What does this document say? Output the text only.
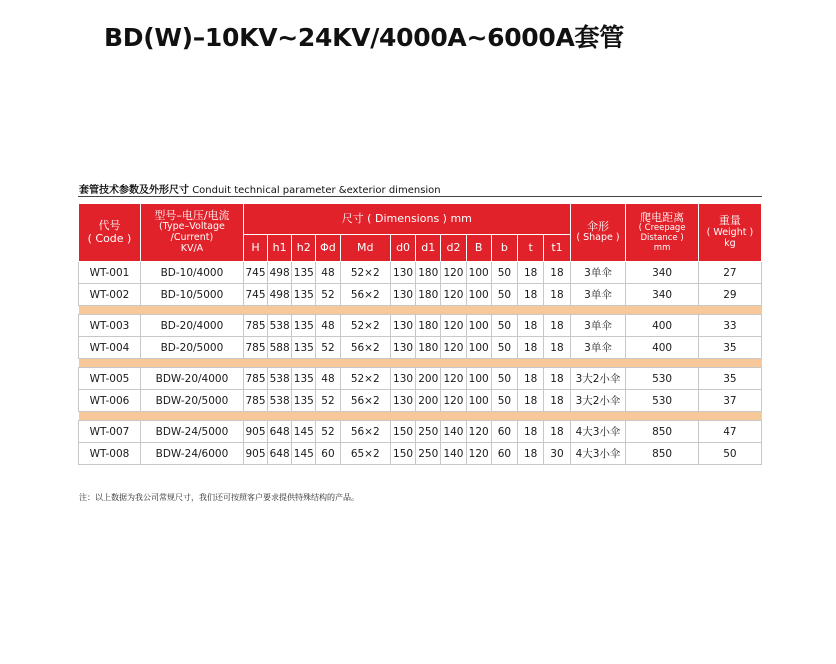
BD(W)–10KV~24KV/4000A~6000A套管
套管技术参数及外形尺寸 Conduit technical parameter &exterior dimension
代号
( Code )	型号–电压/电流
(Type–Voltage
/Current)
KV/A	尺寸 ( Dimensions ) mm												伞形
( Shape )	爬电距离
( Creepage
Distance )
mm	重量
( Weight )
kg

		H	h1	h2	Φd	Md	d0	d1	d2	B	b	t	t1			
WT-001	BD-10/4000	745	498	135	48	52×2	130	180	120	100	50	18	18	3单伞	340	27
WT-002	BD-10/5000	745	498	135	52	56×2	130	180	120	100	50	18	18	3单伞	340	29

WT-003	BD-20/4000	785	538	135	48	52×2	130	180	120	100	50	18	18	3单伞	400	33
WT-004	BD-20/5000	785	588	135	52	56×2	130	180	120	100	50	18	18	3单伞	400	35

WT-005	BDW-20/4000	785	538	135	48	52×2	130	200	120	100	50	18	18	3大2小伞	530	35
WT-006	BDW-20/5000	785	538	135	52	56×2	130	200	120	100	50	18	18	3大2小伞	530	37

WT-007	BDW-24/5000	905	648	145	52	56×2	150	250	140	120	60	18	18	4大3小伞	850	47
WT-008	BDW-24/6000	905	648	145	60	65×2	150	250	140	120	60	18	30	4大3小伞	850	50
注：以上数据为我公司常规尺寸，我们还可按照客户要求提供特殊结构的产品。
